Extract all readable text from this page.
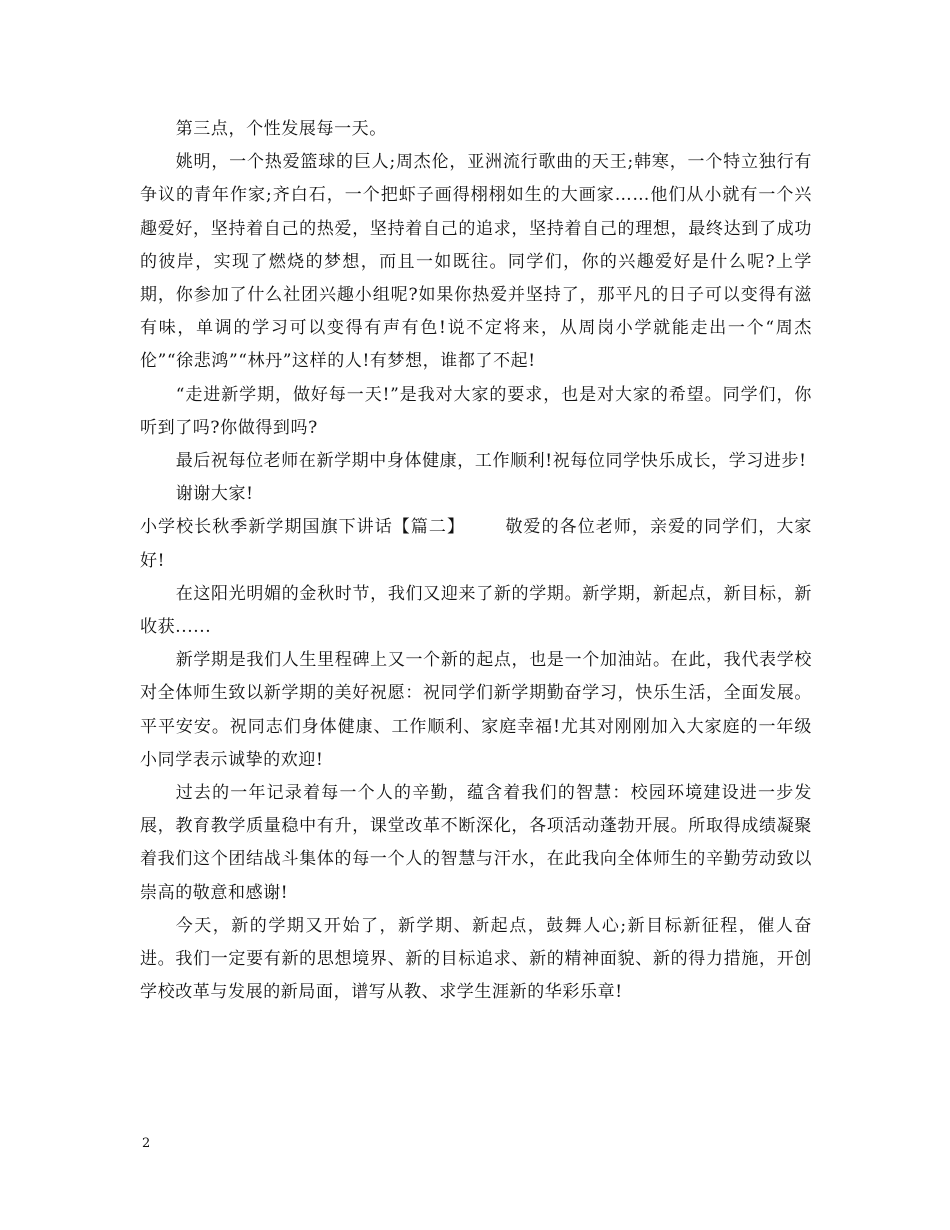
第三点，个性发展每一天。

姚明，一个热爱篮球的巨人;周杰伦，亚洲流行歌曲的天王;韩寒，一个特立独行有争议的青年作家;齐白石，一个把虾子画得栩栩如生的大画家……他们从小就有一个兴趣爱好，坚持着自己的热爱，坚持着自己的追求，坚持着自己的理想，最终达到了成功的彼岸，实现了燃烧的梦想，而且一如既往。同学们，你的兴趣爱好是什么呢?上学期，你参加了什么社团兴趣小组呢?如果你热爱并坚持了，那平凡的日子可以变得有滋有味，单调的学习可以变得有声有色!说不定将来，从周岗小学就能走出一个“周杰伦”“徐悲鸿”“林丹”这样的人!有梦想，谁都了不起!

“走进新学期，做好每一天!”是我对大家的要求，也是对大家的希望。同学们，你听到了吗?你做得到吗?

最后祝每位老师在新学期中身体健康，工作顺利!祝每位同学快乐成长，学习进步!

谢谢大家!

小学校长秋季新学期国旗下讲话【篇二】 敬爱的各位老师，亲爱的同学们，大家好!

在这阳光明媚的金秋时节，我们又迎来了新的学期。新学期，新起点，新目标，新收获......

新学期是我们人生里程碑上又一个新的起点，也是一个加油站。在此，我代表学校对全体师生致以新学期的美好祝愿：祝同学们新学期勤奋学习，快乐生活，全面发展。平平安安。祝同志们身体健康、工作顺利、家庭幸福!尤其对刚刚加入大家庭的一年级小同学表示诚挚的欢迎!

过去的一年记录着每一个人的辛勤，蕴含着我们的智慧：校园环境建设进一步发展，教育教学质量稳中有升，课堂改革不断深化，各项活动蓬勃开展。所取得成绩凝聚着我们这个团结战斗集体的每一个人的智慧与汗水，在此我向全体师生的辛勤劳动致以崇高的敬意和感谢!

今天，新的学期又开始了，新学期、新起点，鼓舞人心;新目标新征程，催人奋进。我们一定要有新的思想境界、新的目标追求、新的精神面貌、新的得力措施，开创学校改革与发展的新局面，谱写从教、求学生涯新的华彩乐章!

2
